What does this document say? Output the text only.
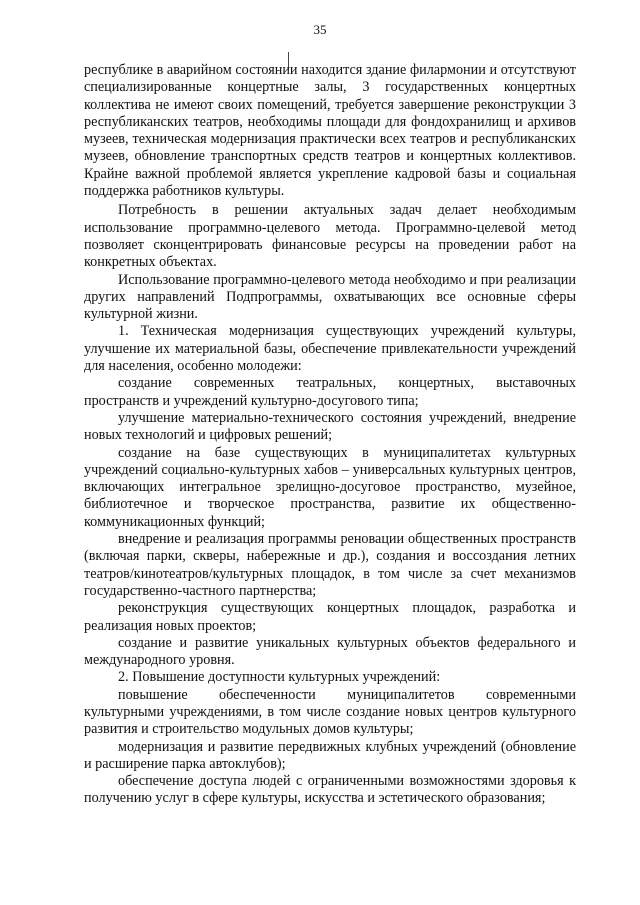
35

республике в аварийном состоянии находится здание филармонии и отсутствуют специализированные концертные залы, 3 государственных концертных коллектива не имеют своих помещений, требуется завершение реконструкции 3 республиканских театров, необходимы площади для фондохранилищ и архивов музеев, техническая модернизация практически всех театров и республиканских музеев, обновление транспортных средств театров и концертных коллективов. Крайне важной проблемой является укрепление кадровой базы и социальная поддержка работников культуры.

Потребность в решении актуальных задач делает необходимым использование программно-целевого метода. Программно-целевой метод позволяет сконцентрировать финансовые ресурсы на проведении работ на конкретных объектах.

Использование программно-целевого метода необходимо и при реализации других направлений Подпрограммы, охватывающих все основные сферы культурной жизни.

1. Техническая модернизация существующих учреждений культуры, улучшение их материальной базы, обеспечение привлекательности учреждений для населения, особенно молодежи:

создание современных театральных, концертных, выставочных пространств и учреждений культурно-досугового типа;

улучшение материально-технического состояния учреждений, внедрение новых технологий и цифровых решений;

создание на базе существующих в муниципалитетах культурных учреждений социально-культурных хабов – универсальных культурных центров, включающих интегральное зрелищно-досуговое пространство, музейное, библиотечное и творческое пространства, развитие их общественно-коммуникационных функций;

внедрение и реализация программы реновации общественных пространств (включая парки, скверы, набережные и др.), создания и воссоздания летних театров/кинотеатров/культурных площадок, в том числе за счет механизмов государственно-частного партнерства;

реконструкция существующих концертных площадок, разработка и реализация новых проектов;

создание и развитие уникальных культурных объектов федерального и международного уровня.

2. Повышение доступности культурных учреждений:

повышение обеспеченности муниципалитетов современными культурными учреждениями, в том числе создание новых центров культурного развития и строительство модульных домов культуры;

модернизация и развитие передвижных клубных учреждений (обновление и расширение парка автоклубов);

обеспечение доступа людей с ограниченными возможностями здоровья к получению услуг в сфере культуры, искусства и эстетического образования;
